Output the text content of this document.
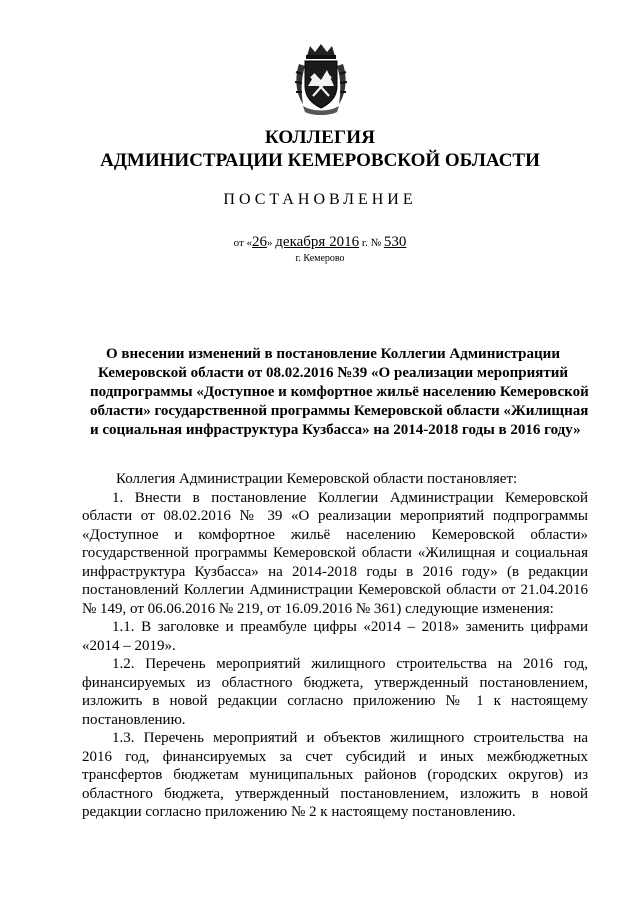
КОЛЛЕГИЯ
АДМИНИСТРАЦИИ КЕМЕРОВСКОЙ ОБЛАСТИ
ПОСТАНОВЛЕНИЕ
от «26» декабря 2016 г. № 530
г. Кемерово
О внесении изменений в постановление Коллегии Администрации
Кемеровской области от 08.02.2016 №39 «О реализации мероприятий
подпрограммы «Доступное и комфортное жильё населению Кемеровской
области» государственной программы Кемеровской области «Жилищная
и социальная инфраструктура Кузбасса» на 2014-2018 годы в 2016 году»
Коллегия Администрации Кемеровской области постановляет:
1. Внести в постановление Коллегии Администрации Кемеровской
области от 08.02.2016 № 39 «О реализации мероприятий подпрограммы
«Доступное и комфортное жильё населению Кемеровской области»
государственной программы Кемеровской области «Жилищная и социальная
инфраструктура Кузбасса» на 2014-2018 годы в 2016 году» (в редакции
постановлений Коллегии Администрации Кемеровской области от 21.04.2016
№ 149, от 06.06.2016 № 219, от 16.09.2016 № 361) следующие изменения:
1.1. В заголовке и преамбуле цифры «2014 – 2018» заменить цифрами
«2014 – 2019».
1.2. Перечень мероприятий жилищного строительства на 2016 год,
финансируемых из областного бюджета, утвержденный постановлением,
изложить в новой редакции согласно приложению № 1 к настоящему
постановлению.
1.3. Перечень мероприятий и объектов жилищного строительства на
2016 год, финансируемых за счет субсидий и иных межбюджетных
трансфертов бюджетам муниципальных районов (городских округов) из
областного бюджета, утвержденный постановлением, изложить в новой
редакции согласно приложению № 2 к настоящему постановлению.
